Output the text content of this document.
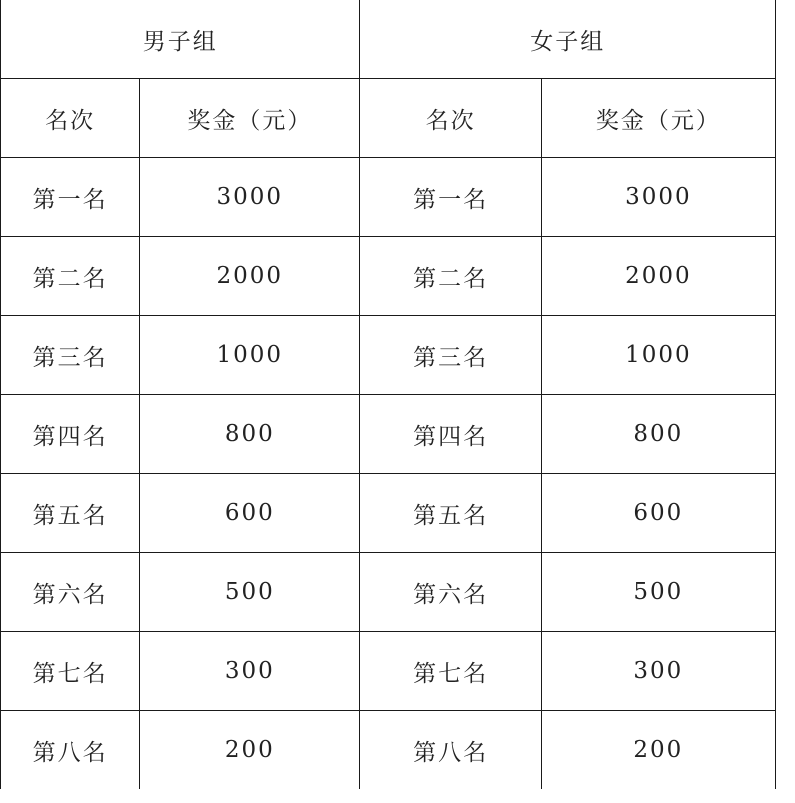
男子组		女子组	
名次	奖金（元）	名次	奖金（元）
第一名	3000	第一名	3000
第二名	2000	第二名	2000
第三名	1000	第三名	1000
第四名	800	第四名	800
第五名	600	第五名	600
第六名	500	第六名	500
第七名	300	第七名	300
第八名	200	第八名	200
